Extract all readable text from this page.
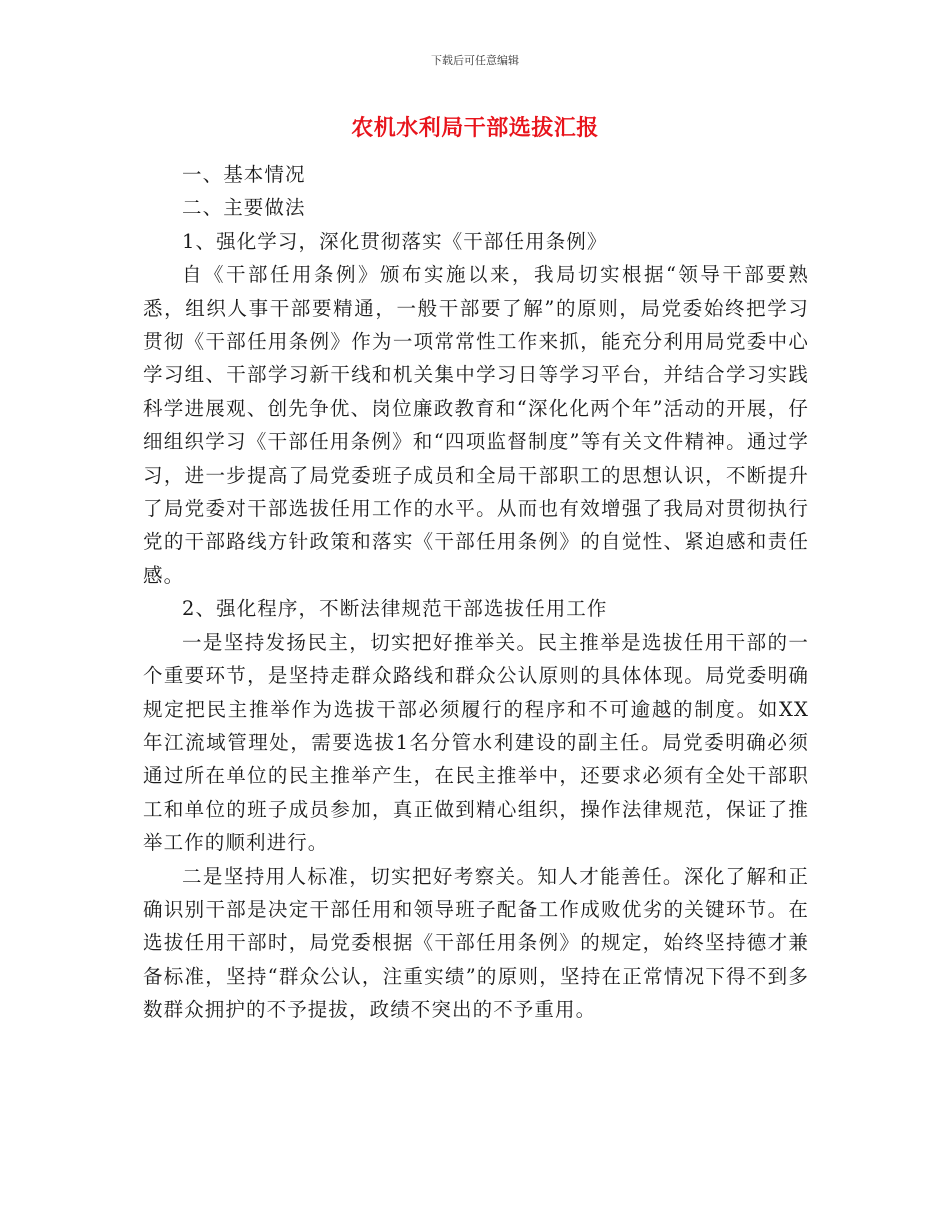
下载后可任意编辑
农机水利局干部选拔汇报

一、基本情况

二、主要做法

1、强化学习，深化贯彻落实《干部任用条例》

自《干部任用条例》颁布实施以来，我局切实根据“领导干部要熟悉，组织人事干部要精通，一般干部要了解”的原则，局党委始终把学习贯彻《干部任用条例》作为一项常常性工作来抓，能充分利用局党委中心学习组、干部学习新干线和机关集中学习日等学习平台，并结合学习实践科学进展观、创先争优、岗位廉政教育和“深化化两个年”活动的开展，仔细组织学习《干部任用条例》和“四项监督制度”等有关文件精神。通过学习，进一步提高了局党委班子成员和全局干部职工的思想认识，不断提升了局党委对干部选拔任用工作的水平。从而也有效增强了我局对贯彻执行党的干部路线方针政策和落实《干部任用条例》的自觉性、紧迫感和责任感。

2、强化程序，不断法律规范干部选拔任用工作

一是坚持发扬民主，切实把好推举关。民主推举是选拔任用干部的一个重要环节，是坚持走群众路线和群众公认原则的具体体现。局党委明确规定把民主推举作为选拔干部必须履行的程序和不可逾越的制度。如XX年江流域管理处，需要选拔1名分管水利建设的副主任。局党委明确必须通过所在单位的民主推举产生，在民主推举中，还要求必须有全处干部职工和单位的班子成员参加，真正做到精心组织，操作法律规范，保证了推举工作的顺利进行。

二是坚持用人标准，切实把好考察关。知人才能善任。深化了解和正确识别干部是决定干部任用和领导班子配备工作成败优劣的关键环节。在选拔任用干部时，局党委根据《干部任用条例》的规定，始终坚持德才兼备标准，坚持“群众公认，注重实绩”的原则，坚持在正常情况下得不到多数群众拥护的不予提拔，政绩不突出的不予重用。
